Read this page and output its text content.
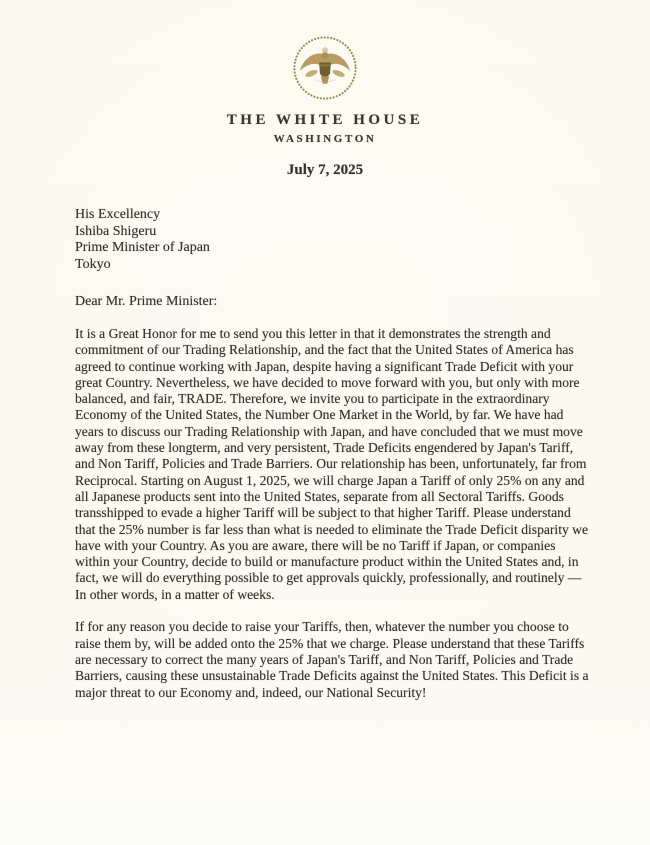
THE WHITE HOUSE
WASHINGTON
July 7, 2025
His Excellency
Ishiba Shigeru
Prime Minister of Japan
Tokyo
Dear Mr. Prime Minister:

It is a Great Honor for me to send you this letter in that it demonstrates the strength and commitment of our Trading Relationship, and the fact that the United States of America has agreed to continue working with Japan, despite having a significant Trade Deficit with your great Country. Nevertheless, we have decided to move forward with you, but only with more balanced, and fair, TRADE. Therefore, we invite you to participate in the extraordinary Economy of the United States, the Number One Market in the World, by far. We have had years to discuss our Trading Relationship with Japan, and have concluded that we must move away from these longterm, and very persistent, Trade Deficits engendered by Japan's Tariff, and Non Tariff, Policies and Trade Barriers. Our relationship has been, unfortunately, far from Reciprocal. Starting on August 1, 2025, we will charge Japan a Tariff of only 25% on any and all Japanese products sent into the United States, separate from all Sectoral Tariffs. Goods transshipped to evade a higher Tariff will be subject to that higher Tariff. Please understand that the 25% number is far less than what is needed to eliminate the Trade Deficit disparity we have with your Country. As you are aware, there will be no Tariff if Japan, or companies within your Country, decide to build or manufacture product within the United States and, in fact, we will do everything possible to get approvals quickly, professionally, and routinely — In other words, in a matter of weeks.

If for any reason you decide to raise your Tariffs, then, whatever the number you choose to raise them by, will be added onto the 25% that we charge. Please understand that these Tariffs are necessary to correct the many years of Japan's Tariff, and Non Tariff, Policies and Trade Barriers, causing these unsustainable Trade Deficits against the United States. This Deficit is a major threat to our Economy and, indeed, our National Security!
